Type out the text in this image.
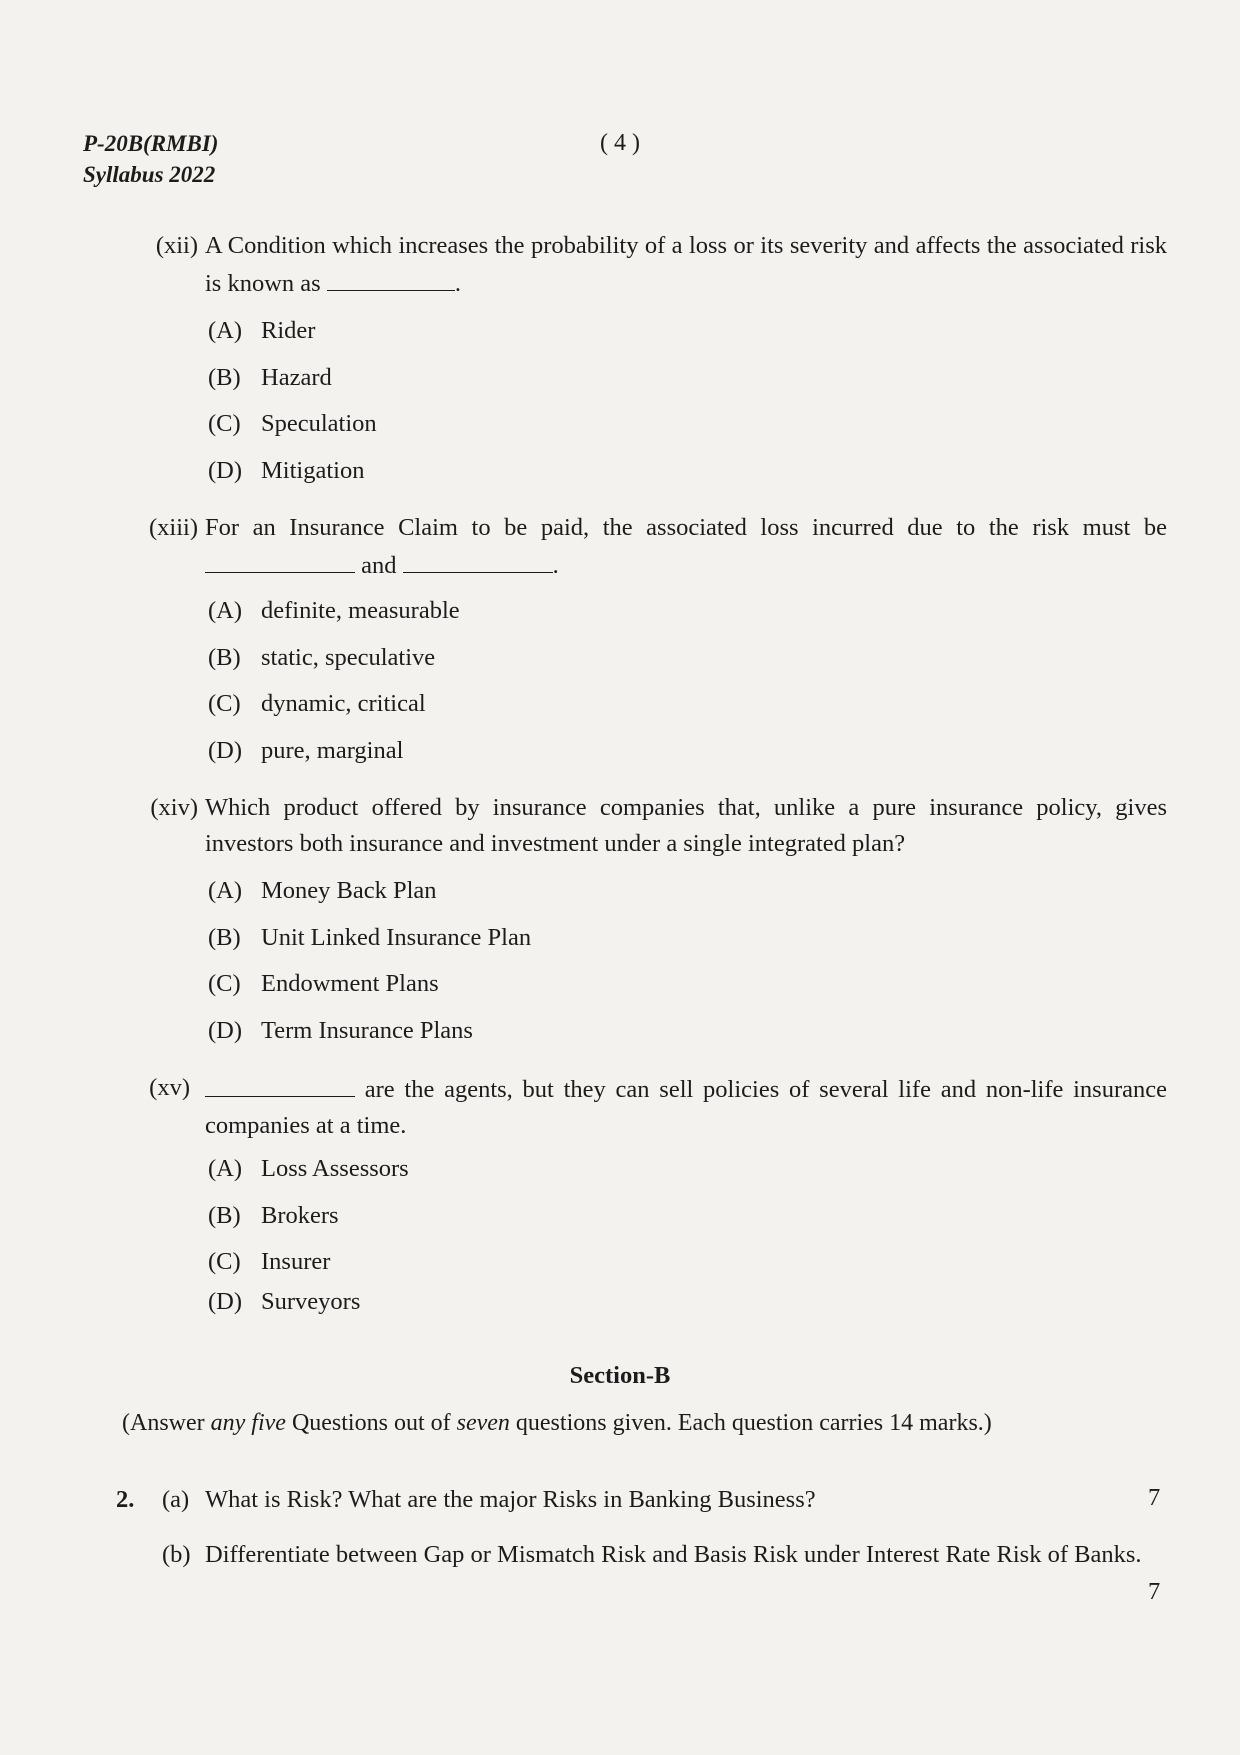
P-20B(RMBI)
Syllabus 2022
( 4 )
(xii) A Condition which increases the probability of a loss or its severity and affects the associated risk is known as	.
(A) Rider
(B) Hazard
(C) Speculation
(D) Mitigation
(xiii) For an Insurance Claim to be paid, the associated loss incurred due to the risk must be  and	.
(A) definite, measurable
(B) static, speculative
(C) dynamic, critical
(D) pure, marginal
(xiv) Which product offered by insurance companies that, unlike a pure insurance policy, gives investors both insurance and investment under a single integrated plan?
(A) Money Back Plan
(B) Unit Linked Insurance Plan
(C) Endowment Plans
(D) Term Insurance Plans
(xv)	are the agents, but they can sell policies of several life and non-life insurance companies at a time.
(A) Loss Assessors
(B) Brokers
(C) Insurer
(D) Surveyors
Section-B
(Answer any five Questions out of seven questions given. Each question carries 14 marks.)
2. (a) What is Risk? What are the major Risks in Banking Business?	7
(b) Differentiate between Gap or Mismatch Risk and Basis Risk under Interest Rate Risk of Banks.
7
